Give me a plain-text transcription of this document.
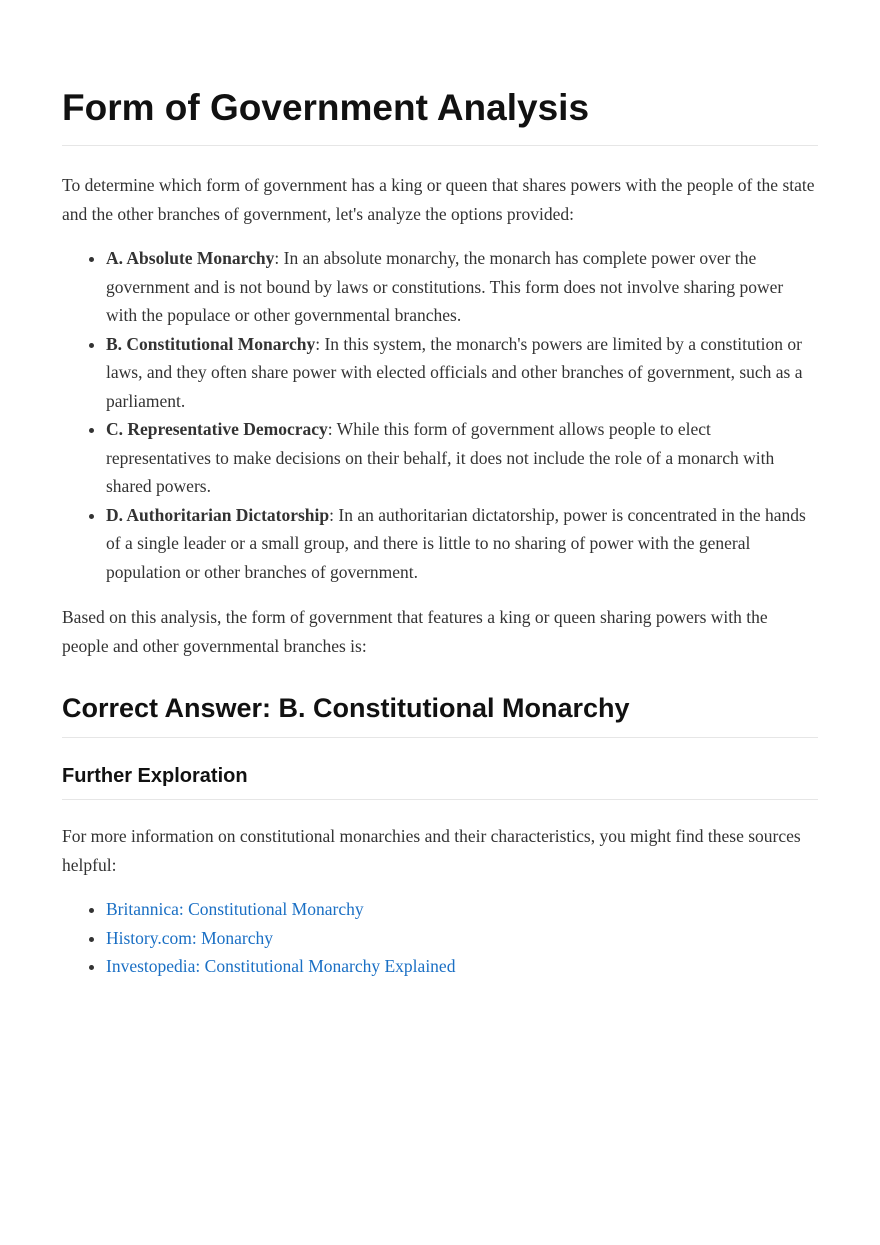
Form of Government Analysis

To determine which form of government has a king or queen that shares powers with the people of the state and the other branches of government, let's analyze the options provided:

• A. Absolute Monarchy: In an absolute monarchy, the monarch has complete power over the government and is not bound by laws or constitutions. This form does not involve sharing power with the populace or other governmental branches.
• B. Constitutional Monarchy: In this system, the monarch's powers are limited by a constitution or laws, and they often share power with elected officials and other branches of government, such as a parliament.
• C. Representative Democracy: While this form of government allows people to elect representatives to make decisions on their behalf, it does not include the role of a monarch with shared powers.
• D. Authoritarian Dictatorship: In an authoritarian dictatorship, power is concentrated in the hands of a single leader or a small group, and there is little to no sharing of power with the general population or other branches of government.

Based on this analysis, the form of government that features a king or queen sharing powers with the people and other governmental branches is:

Correct Answer: B. Constitutional Monarchy
Further Exploration

For more information on constitutional monarchies and their characteristics, you might find these sources helpful:

• Britannica: Constitutional Monarchy
• History.com: Monarchy
• Investopedia: Constitutional Monarchy Explained
